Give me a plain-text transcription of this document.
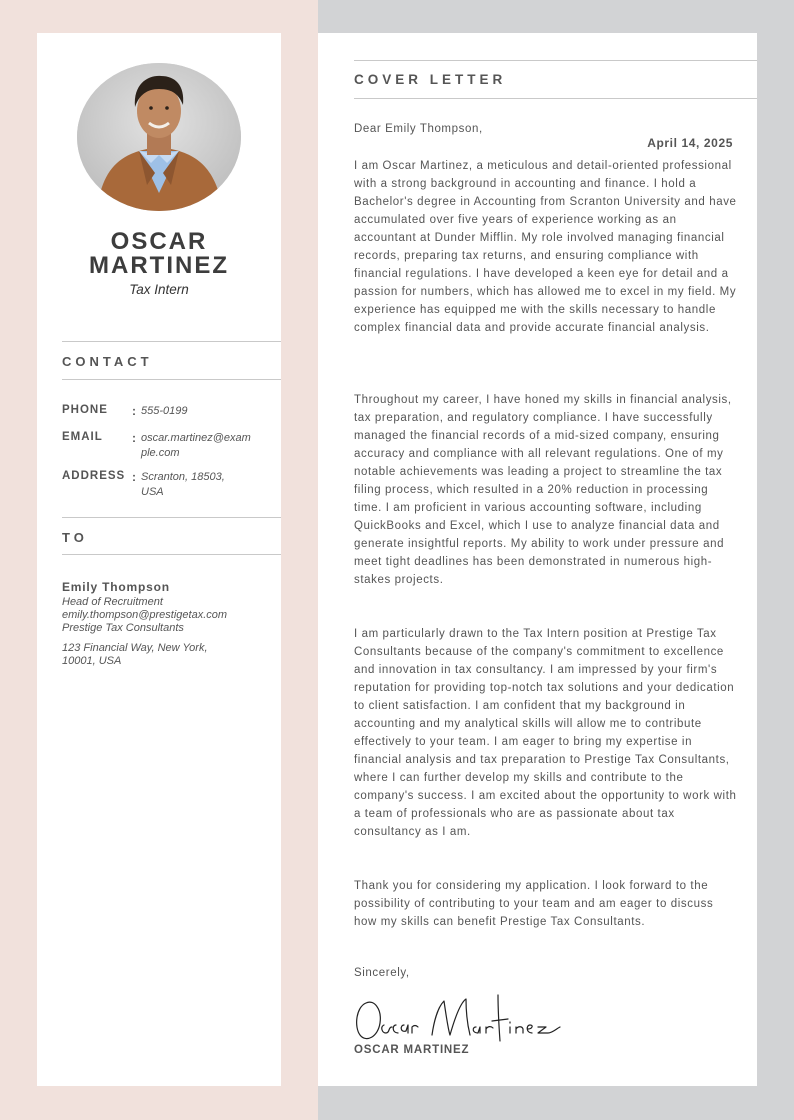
OSCAR
MARTINEZ
Tax Intern
CONTACT
PHONE : 555-0199
EMAIL : oscar.martinez@example.com
ADDRESS : Scranton, 18503, USA
TO
Emily Thompson
Head of Recruitment
emily.thompson@prestigetax.com
Prestige Tax Consultants
123 Financial Way, New York, 10001, USA
COVER LETTER
Dear Emily Thompson,
April 14, 2025

I am Oscar Martinez, a meticulous and detail-oriented professional with a strong background in accounting and finance. I hold a Bachelor's degree in Accounting from Scranton University and have accumulated over five years of experience working as an accountant at Dunder Mifflin. My role involved managing financial records, preparing tax returns, and ensuring compliance with financial regulations. I have developed a keen eye for detail and a passion for numbers, which has allowed me to excel in my field. My experience has equipped me with the skills necessary to handle complex financial data and provide accurate financial analysis.

Throughout my career, I have honed my skills in financial analysis, tax preparation, and regulatory compliance. I have successfully managed the financial records of a mid-sized company, ensuring accuracy and compliance with all relevant regulations. One of my notable achievements was leading a project to streamline the tax filing process, which resulted in a 20% reduction in processing time. I am proficient in various accounting software, including QuickBooks and Excel, which I use to analyze financial data and generate insightful reports. My ability to work under pressure and meet tight deadlines has been demonstrated in numerous high-stakes projects.

I am particularly drawn to the Tax Intern position at Prestige Tax Consultants because of the company's commitment to excellence and innovation in tax consultancy. I am impressed by your firm's reputation for providing top-notch tax solutions and your dedication to client satisfaction. I am confident that my background in accounting and my analytical skills will allow me to contribute effectively to your team. I am eager to bring my expertise in financial analysis and tax preparation to Prestige Tax Consultants, where I can further develop my skills and contribute to the company's success. I am excited about the opportunity to work with a team of professionals who are as passionate about tax consultancy as I am.

Thank you for considering my application. I look forward to the possibility of contributing to your team and am eager to discuss how my skills can benefit Prestige Tax Consultants.

Sincerely,
OSCAR MARTINEZ
